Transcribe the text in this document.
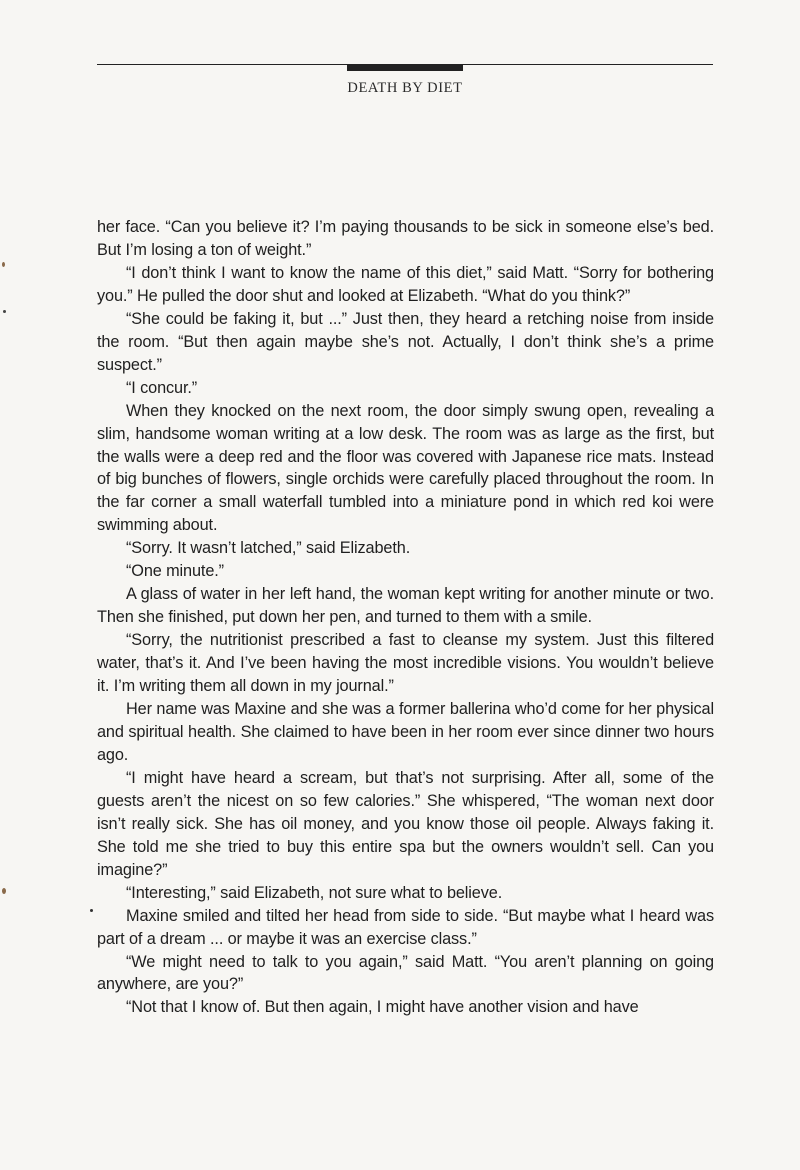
DEATH BY DIET

her face. “Can you believe it? I’m paying thousands to be sick in someone else’s bed. But I’m losing a ton of weight.”

“I don’t think I want to know the name of this diet,” said Matt. “Sorry for bothering you.” He pulled the door shut and looked at Elizabeth. “What do you think?”

“She could be faking it, but ...” Just then, they heard a retching noise from inside the room. “But then again maybe she’s not. Actually, I don’t think she’s a prime suspect.”

“I concur.”

When they knocked on the next room, the door simply swung open, revealing a slim, handsome woman writing at a low desk. The room was as large as the first, but the walls were a deep red and the floor was covered with Japanese rice mats. Instead of big bunches of flowers, single orchids were carefully placed throughout the room. In the far corner a small waterfall tumbled into a miniature pond in which red koi were swimming about.

“Sorry. It wasn’t latched,” said Elizabeth.

“One minute.”

A glass of water in her left hand, the woman kept writing for another minute or two. Then she finished, put down her pen, and turned to them with a smile.

“Sorry, the nutritionist prescribed a fast to cleanse my system. Just this filtered water, that’s it. And I’ve been having the most incredible visions. You wouldn’t believe it. I’m writing them all down in my journal.”

Her name was Maxine and she was a former ballerina who’d come for her physical and spiritual health. She claimed to have been in her room ever since dinner two hours ago.

“I might have heard a scream, but that’s not surprising. After all, some of the guests aren’t the nicest on so few calories.” She whispered, “The woman next door isn’t really sick. She has oil money, and you know those oil people. Always faking it. She told me she tried to buy this entire spa but the owners wouldn’t sell. Can you imagine?”

“Interesting,” said Elizabeth, not sure what to believe.

Maxine smiled and tilted her head from side to side. “But maybe what I heard was part of a dream ... or maybe it was an exercise class.”

“We might need to talk to you again,” said Matt. “You aren’t planning on going anywhere, are you?”

“Not that I know of. But then again, I might have another vision and have
